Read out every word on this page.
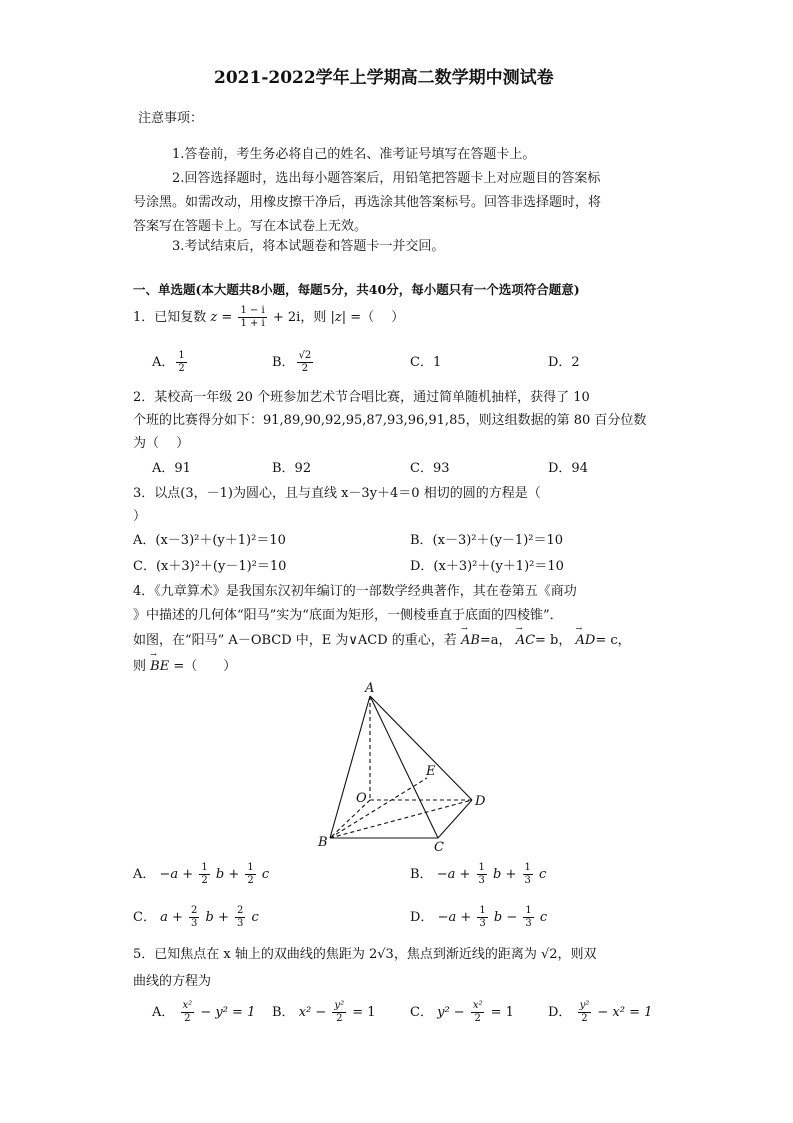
2021-2022学年上学期高二数学期中测试卷
注意事项：
1.答卷前，考生务必将自己的姓名、准考证号填写在答题卡上。
2.回答选择题时，选出每小题答案后，用铅笔把答题卡上对应题目的答案标
号涂黑。如需改动，用橡皮擦干净后，再选涂其他答案标号。回答非选择题时，将
答案写在答题卡上。写在本试卷上无效。
3.考试结束后，将本试题卷和答题卡一并交回。
一、单选题(本大题共8小题，每题5分，共40分，每小题只有一个选项符合题意)
1．已知复数 $z = \frac{1 - i}{1 + i} + 2i$，则 |z| =（　 ）
A． $\frac{1}{2}$	B． $\frac{√2}{2}$	C．1	D．2
2．某校高一年级 20 个班参加艺术节合唱比赛，通过简单随机抽样，获得了 10
个班的比赛得分如下：91,89,90,92,95,87,93,96,91,85，则这组数据的第 80 百分位数
为（　 ）
A．91	B．92	C．93	D．94
3．以点(3，－1)为圆心，且与直线 x－3y＋4＝0 相切的圆的方程是（
）
A．(x－3)²＋(y＋1)²＝10	B．(x－3)²＋(y－1)²＝10
C．(x＋3)²＋(y－1)²＝10	D．(x＋3)²＋(y＋1)²＝10
4．《九章算术》是我国东汉初年编订的一部数学经典著作，其在卷第五《商功
》中描述的几何体“阳马”实为“底面为矩形，一侧棱垂直于底面的四棱锥”．
如图，在“阳马” A－OBCD 中，E 为∨ACD 的重心，若 → AB=a， → AC= b， → AD= c，
则 → BE =（　　）
A
E
O	D
B	C
A． $-a + \frac{1}{2}$ $b + \frac{1}{2}$ c	B． $-a + \frac{1}{3}$ $b + \frac{1}{3}$ c
C． $a + \frac{2}{3}$ $b + \frac{2}{3}$ c	D． $-a + \frac{1}{3}$ $b - \frac{1}{3}$ c
5．已知焦点在 x 轴上的双曲线的焦距为 2√3，焦点到渐近线的距离为 √2，则双
曲线的方程为
A． $\frac{\text{x²}}{2} - y^2 = 1$ B． $x^2 - \frac{\text{y²}}{2} = 1$	C． $y^2 - \frac{\text{x²}}{2} = 1$	D． $\frac{\text{y²}}{2} - x^2 = 1$
